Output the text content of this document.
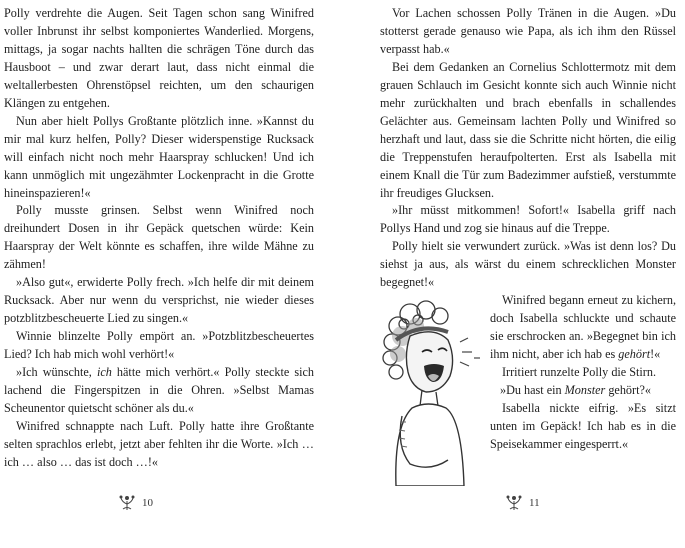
Polly verdrehte die Augen. Seit Tagen schon sang Winifred voller Inbrunst ihr selbst komponiertes Wanderlied. Morgens, mittags, ja sogar nachts hallten die schrägen Töne durch das Hausboot – und zwar derart laut, dass nicht einmal die weltallerbesten Ohrenstöpsel reichten, um den schaurigen Klängen zu entgehen.

Nun aber hielt Pollys Großtante plötzlich inne. »Kannst du mir mal kurz helfen, Polly? Dieser widerspenstige Rucksack will einfach nicht noch mehr Haarspray schlucken! Und ich kann unmöglich mit ungezähmter Lockenpracht in die Grotte hineinspazieren!«

Polly musste grinsen. Selbst wenn Winifred noch dreihundert Dosen in ihr Gepäck quetschen würde: Kein Haarspray der Welt könnte es schaffen, ihre wilde Mähne zu zähmen!

»Also gut«, erwiderte Polly frech. »Ich helfe dir mit deinem Rucksack. Aber nur wenn du versprichst, nie wieder dieses potzblitzbescheuerte Lied zu singen.«

Winnie blinzelte Polly empört an. »Potzblitzbescheuertes Lied? Ich hab mich wohl verhört!«

»Ich wünschte, ich hätte mich verhört.« Polly steckte sich lachend die Fingerspitzen in die Ohren. »Selbst Mamas Scheunentor quietscht schöner als du.«

Winifred schnappte nach Luft. Polly hatte ihre Großtante selten sprachlos erlebt, jetzt aber fehlten ihr die Worte. »Ich … ich … also … das ist doch …!«

Vor Lachen schossen Polly Tränen in die Augen. »Du stotterst gerade genauso wie Papa, als ich ihm den Rüssel verpasst hab.«

Bei dem Gedanken an Cornelius Schlottermotz mit dem grauen Schlauch im Gesicht konnte sich auch Winnie nicht mehr zurückhalten und brach ebenfalls in schallendes Gelächter aus. Gemeinsam lachten Polly und Winifred so herzhaft und laut, dass sie die Schritte nicht hörten, die eilig die Treppenstufen heraufpolterten. Erst als Isabella mit einem Knall die Tür zum Badezimmer aufstieß, verstummte ihr freudiges Glucksen.

»Ihr müsst mitkommen! Sofort!« Isabella griff nach Pollys Hand und zog sie hinaus auf die Treppe.

Polly hielt sie verwundert zurück. »Was ist denn los? Du siehst ja aus, als wärst du einem schrecklichen Monster begegnet!«

Winifred begann erneut zu kichern, doch Isabella schluckte und schaute sie erschrocken an. »Begegnet bin ich ihm nicht, aber ich hab es gehört!«

Irritiert runzelte Polly die Stirn.

»Du hast ein Monster gehört?«

Isabella nickte eifrig. »Es sitzt unten im Gepäck! Ich hab es in die Speisekammer eingesperrt.«

10	11
